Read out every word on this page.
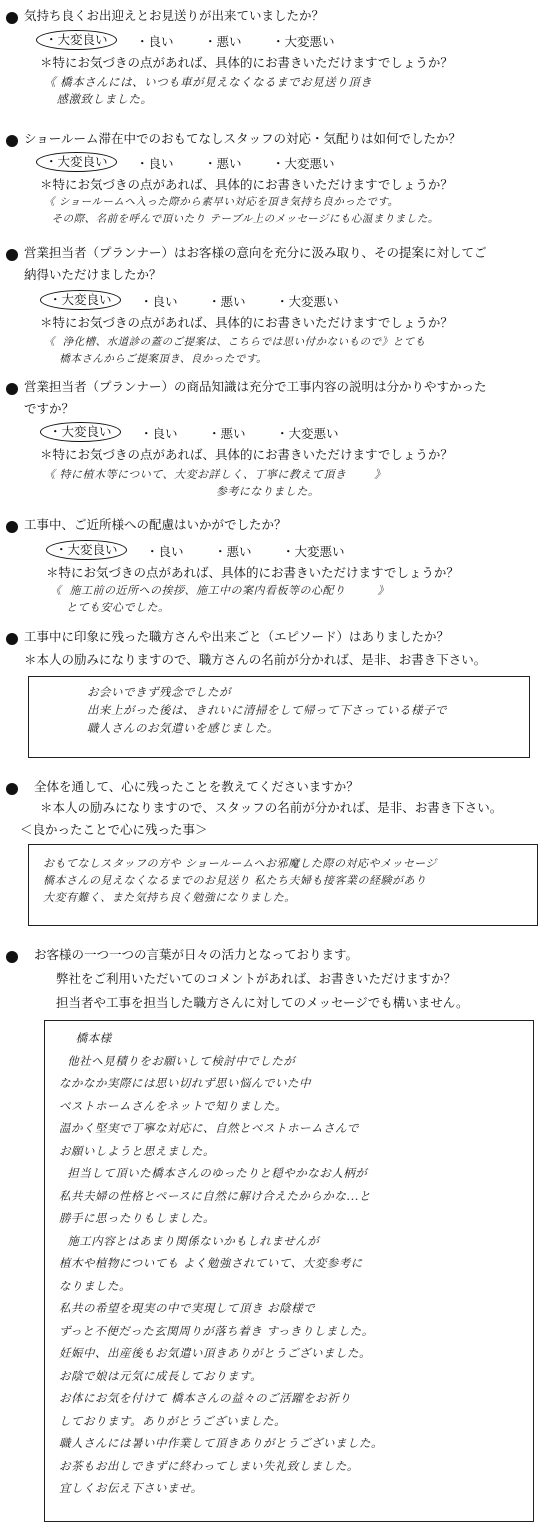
気持ち良くお出迎えとお見送りが出来ていましたか？
・大変良い	・良い ・悪い ・大変悪い
＊特にお気づきの点があれば、具体的にお書きいただけますでしょうか？
《 橋本さんには、いつも車が見えなくなるまでお見送り頂き
感激致しました。
ショールーム滞在中でのおもてなしスタッフの対応・気配りは如何でしたか？
・大変良い	・良い ・悪い ・大変悪い
＊特にお気づきの点があれば、具体的にお書きいただけますでしょうか？
《 ショールームへ入った際から素早い対応を頂き気持ち良かったです。
その際、名前を呼んで頂いたり テーブル上のメッセージにも心温まりました。
営業担当者（プランナー）はお客様の意向を充分に汲み取り、その提案に対してご
納得いただけましたか？
・大変良い	・良い ・悪い ・大変悪い
＊特にお気づきの点があれば、具体的にお書きいただけますでしょうか？
《  浄化槽、水道診の蓋のご提案は、こちらでは思い付かないもので》とても
橋本さんからご提案頂き、良かったです。
営業担当者（プランナー）の商品知識は充分で工事内容の説明は分かりやすかった
ですか？
・大変良い	・良い ・悪い ・大変悪い
＊特にお気づきの点があれば、具体的にお書きいただけますでしょうか？
《 特に植木等について、大変お詳しく、丁寧に教えて頂き       》
参考になりました。
工事中、ご近所様への配慮はいかがでしたか？
・大変良い	・良い ・悪い ・大変悪い
＊特にお気づきの点があれば、具体的にお書きいただけますでしょうか？
《  施工前の近所への挨拶、施工中の案内看板等の心配り        》
とても安心でした。
工事中に印象に残った職方さんや出来ごと（エピソード）はありましたか？
＊本人の励みになりますので、職方さんの名前が分かれば、是非、お書き下さい。
お会いできず残念でしたが
出来上がった後は、きれいに清掃をして帰って下さっている様子で
職人さんのお気遣いを感じました。
全体を通して、心に残ったことを教えてくださいますか？
＊本人の励みになりますので、スタッフの名前が分かれば、是非、お書き下さい。
＜良かったことで心に残った事＞
おもてなしスタッフの方や ショールームへお邪魔した際の対応やメッセージ
橋本さんの見えなくなるまでのお見送り 私たち夫婦も接客業の経験があり
大変有難く、また気持ち良く勉強になりました。
お客様の一つ一つの言葉が日々の活力となっております。
弊社をご利用いただいてのコメントがあれば、お書きいただけますか？
担当者や工事を担当した職方さんに対してのメッセージでも構いません。
橋本様
他社へ見積りをお願いして検討中でしたが
なかなか実際には思い切れず思い悩んでいた中
ベストホームさんをネットで知りました。
温かく堅実で丁寧な対応に、自然とベストホームさんで
お願いしようと思えました。
担当して頂いた橋本さんのゆったりと穏やかなお人柄が
私共夫婦の性格とペースに自然に解け合えたからかな...と
勝手に思ったりもしました。
施工内容とはあまり関係ないかもしれませんが
植木や植物についても よく勉強されていて、大変参考に
なりました。
私共の希望を現実の中で実現して頂き お陰様で
ずっと不便だった玄関周りが落ち着き すっきりしました。
妊娠中、出産後もお気遣い頂きありがとうございました。
お陰で娘は元気に成長しております。
お体にお気を付けて 橋本さんの益々のご活躍をお祈り
しております。ありがとうございました。
職人さんには暑い中作業して頂きありがとうございました。
お茶もお出しできずに終わってしまい失礼致しました。
宜しくお伝え下さいませ。
